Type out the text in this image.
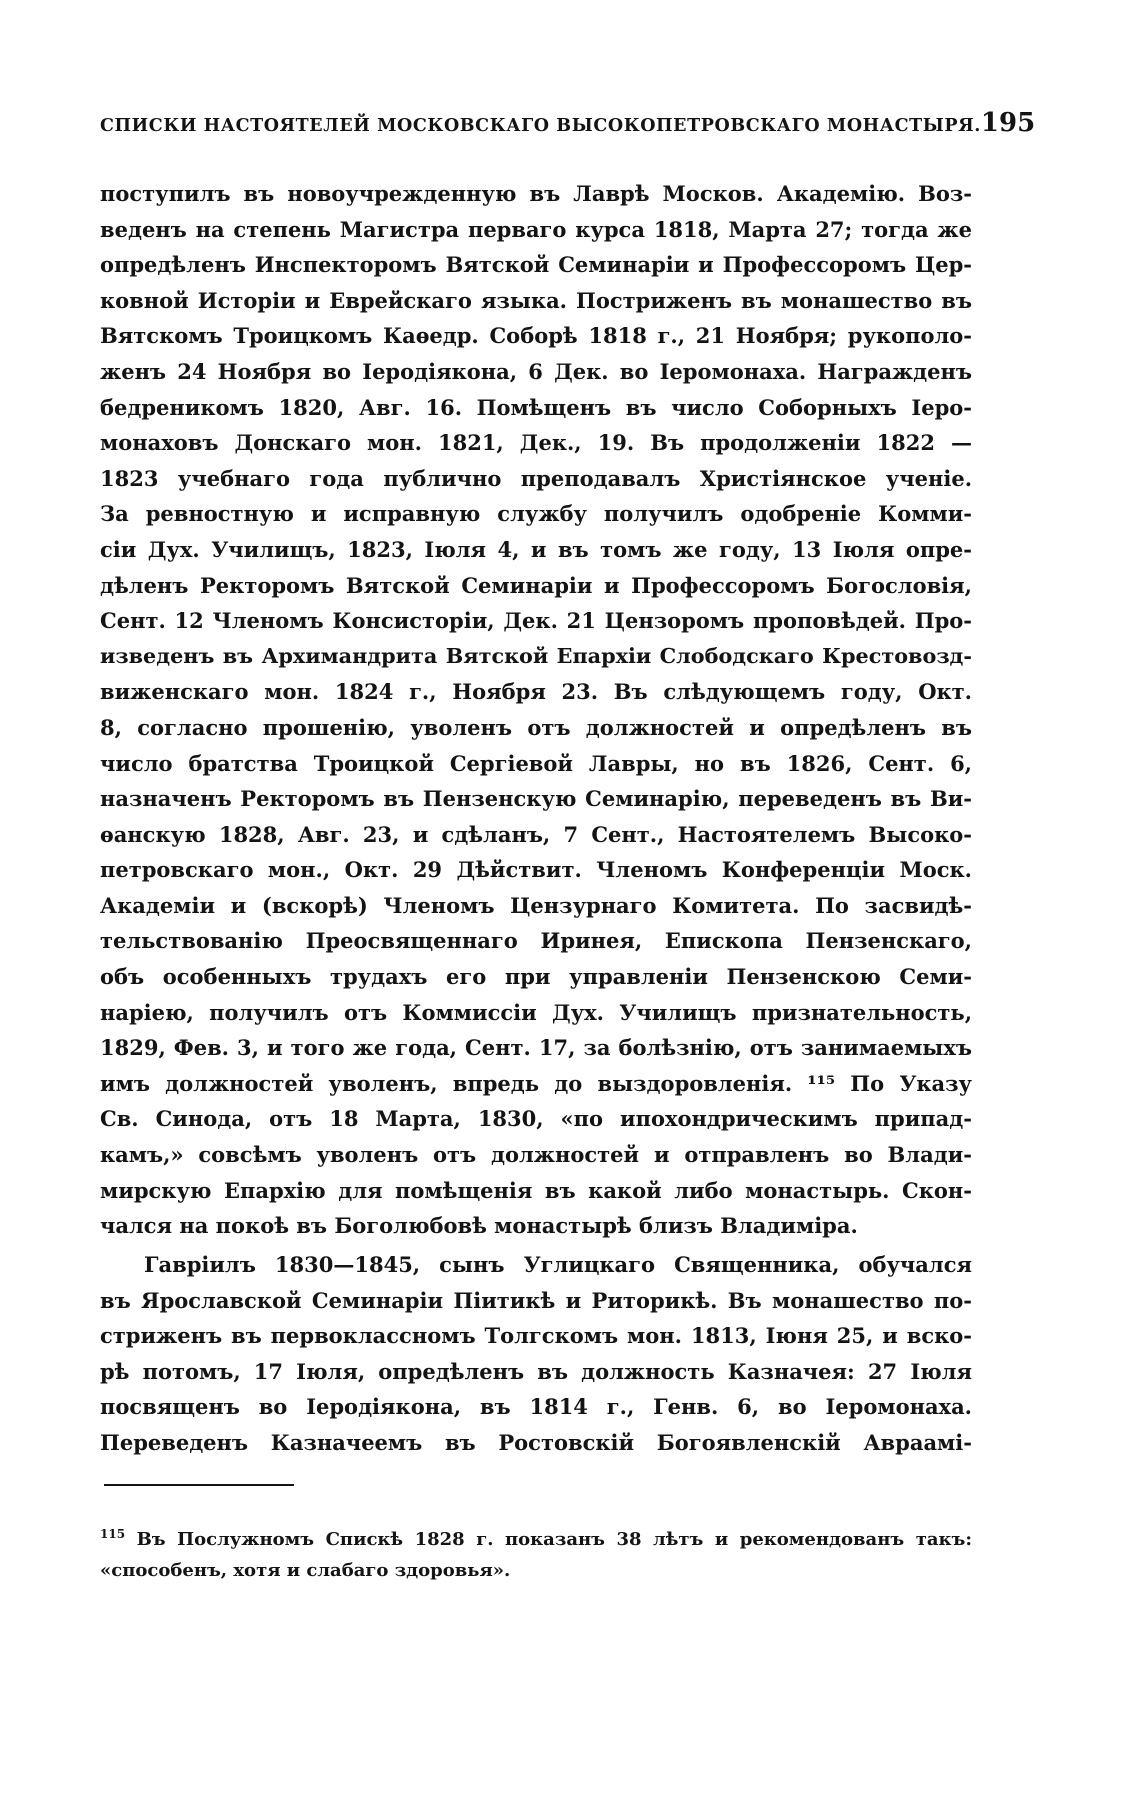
СПИСКИ НАСТОЯТЕЛЕЙ МОСКОВСКАГО ВЫСОКОПЕТРОВСКАГО МОНАСТЫРЯ. 195
поступилъ въ новоучрежденную въ Лаврѣ Москов. Академію. Воз-
веденъ на степень Магистра перваго курса 1818, Марта 27; тогда же
опредѣленъ Инспекторомъ Вятской Семинаріи и Профессоромъ Цер-
ковной Исторіи и Еврейскаго языка. Постриженъ въ монашество въ
Вятскомъ Троицкомъ Каѳедр. Соборѣ 1818 г., 21 Ноября; рукополо-
женъ 24 Ноября во Іеродіякона, 6 Дек. во Іеромонаха. Награжденъ
бедреникомъ 1820, Авг. 16. Помѣщенъ въ число Соборныхъ Іеро-
монаховъ Донскаго мон. 1821, Дек., 19. Въ продолженіи 1822 —
1823 учебнаго года публично преподавалъ Христіянское ученіе.
За ревностную и исправную службу получилъ одобреніе Комми-
сіи Дух. Училищъ, 1823, Іюля 4, и въ томъ же году, 13 Іюля опре-
дѣленъ Ректоромъ Вятской Семинаріи и Профессоромъ Богословія,
Сент. 12 Членомъ Консисторіи, Дек. 21 Цензоромъ проповѣдей. Про-
изведенъ въ Архимандрита Вятской Епархіи Слободскаго Крестовозд-
виженскаго мон. 1824 г., Ноября 23. Въ слѣдующемъ году, Окт.
8, согласно прошенію, уволенъ отъ должностей и опредѣленъ въ
число братства Троицкой Сергіевой Лавры, но въ 1826, Сент. 6,
назначенъ Ректоромъ въ Пензенскую Семинарію, переведенъ въ Ви-
ѳанскую 1828, Авг. 23, и сдѣланъ, 7 Сент., Настоятелемъ Высоко-
петровскаго мон., Окт. 29 Дѣйствит. Членомъ Конференціи Моск.
Академіи и (вскорѣ) Членомъ Цензурнаго Комитета. По засвидѣ-
тельствованію Преосвященнаго Иринея, Епископа Пензенскаго,
объ особенныхъ трудахъ его при управленіи Пензенскою Семи-
наріею, получилъ отъ Коммиссіи Дух. Училищъ признательность,
1829, Фев. 3, и того же года, Сент. 17, за болѣзнію, отъ занимаемыхъ
имъ должностей уволенъ, впредь до выздоровленія. ¹¹⁵ По Указу
Св. Синода, отъ 18 Марта, 1830, «по ипохондрическимъ припад-
камъ,» совсѣмъ уволенъ отъ должностей и отправленъ во Влади-
мирскую Епархію для помѣщенія въ какой либо монастырь. Скон-
чался на покоѣ въ Боголюбовѣ монастырѣ близъ Владиміра.
Гавріилъ 1830—1845, сынъ Углицкаго Священника, обучался
въ Ярославской Семинаріи Піитикѣ и Риторикѣ. Въ монашество по-
стриженъ въ первоклассномъ Толгскомъ мон. 1813, Іюня 25, и вско-
рѣ потомъ, 17 Іюля, опредѣленъ въ должность Казначея: 27 Іюля
посвященъ во Іеродіякона, въ 1814 г., Генв. 6, во Іеромонаха.
Переведенъ Казначеемъ въ Ростовскій Богоявленскій Авраамі-
$^{115}$ Въ Послужномъ Спискѣ 1828 г. показанъ 38 лѣтъ и рекомендованъ такъ:
«способенъ, хотя и слабаго здоровья».
